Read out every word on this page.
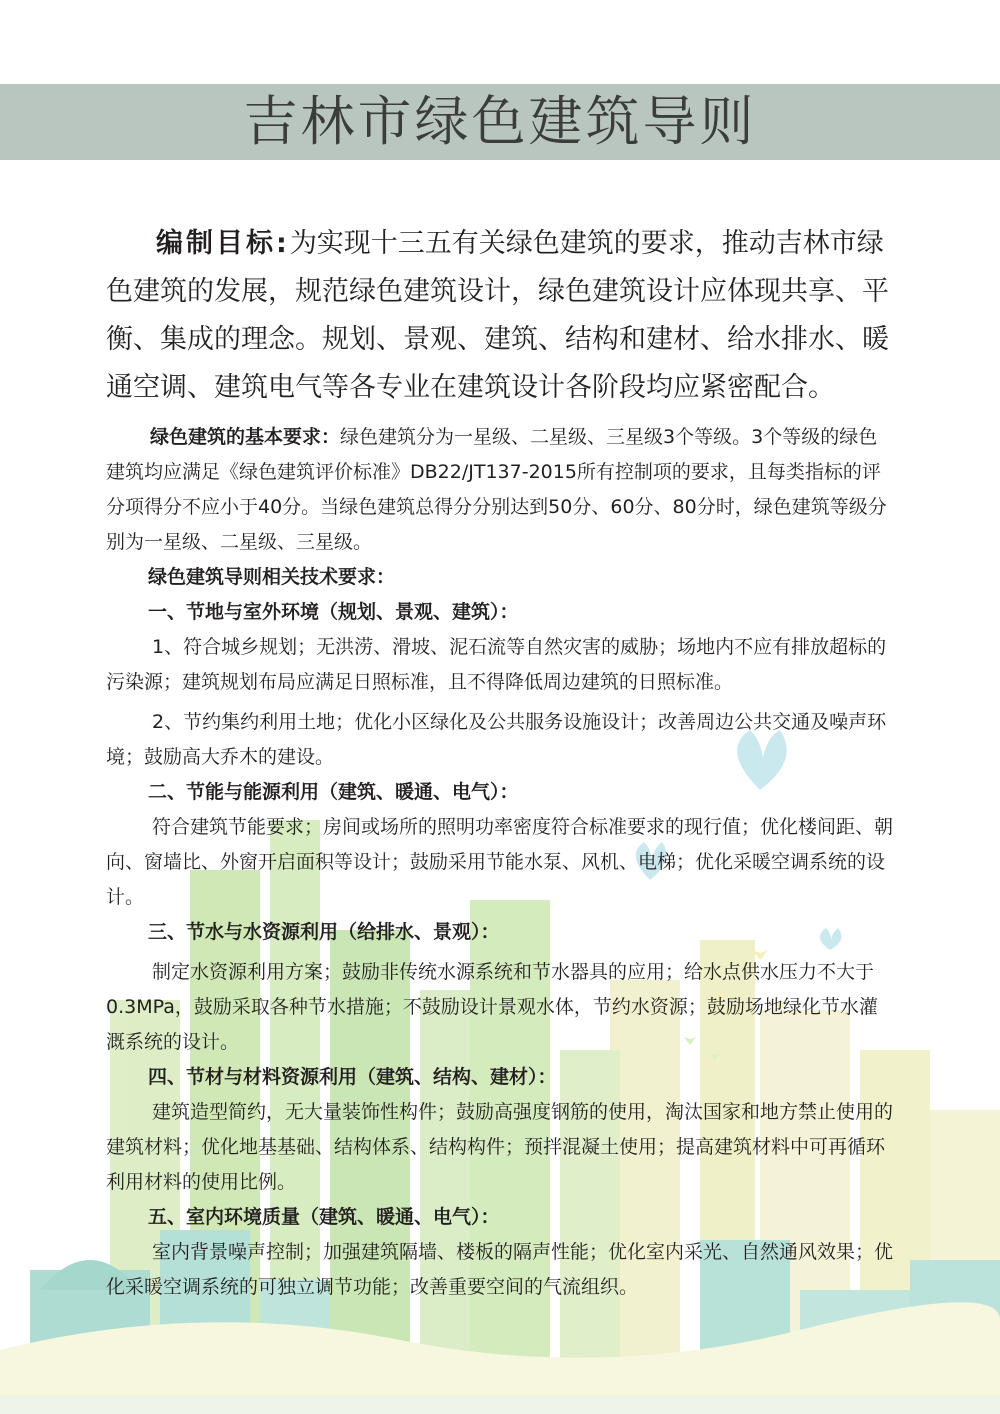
吉林市绿色建筑导则

编制目标:为实现十三五有关绿色建筑的要求，推动吉林市绿色建筑的发展，规范绿色建筑设计，绿色建筑设计应体现共享、平衡、集成的理念。规划、景观、建筑、结构和建材、给水排水、暖通空调、建筑电气等各专业在建筑设计各阶段均应紧密配合。

绿色建筑的基本要求：绿色建筑分为一星级、二星级、三星级3个等级。3个等级的绿色建筑均应满足《绿色建筑评价标准》DB22/JT137-2015所有控制项的要求，且每类指标的评分项得分不应小于40分。当绿色建筑总得分分别达到50分、60分、80分时，绿色建筑等级分别为一星级、二星级、三星级。

绿色建筑导则相关技术要求：

一、节地与室外环境（规划、景观、建筑）：

1、符合城乡规划；无洪涝、滑坡、泥石流等自然灾害的威胁；场地内不应有排放超标的污染源；建筑规划布局应满足日照标准，且不得降低周边建筑的日照标准。

2、节约集约利用土地；优化小区绿化及公共服务设施设计；改善周边公共交通及噪声环境；鼓励高大乔木的建设。

二、节能与能源利用（建筑、暖通、电气）：

符合建筑节能要求；房间或场所的照明功率密度符合标准要求的现行值；优化楼间距、朝向、窗墙比、外窗开启面积等设计；鼓励采用节能水泵、风机、电梯；优化采暖空调系统的设计。

三、节水与水资源利用（给排水、景观）：

制定水资源利用方案；鼓励非传统水源系统和节水器具的应用；给水点供水压力不大于0.3MPa，鼓励采取各种节水措施；不鼓励设计景观水体，节约水资源；鼓励场地绿化节水灌溉系统的设计。

四、节材与材料资源利用（建筑、结构、建材）：

建筑造型简约，无大量装饰性构件；鼓励高强度钢筋的使用，淘汰国家和地方禁止使用的建筑材料；优化地基基础、结构体系、结构构件；预拌混凝土使用；提高建筑材料中可再循环利用材料的使用比例。

五、室内环境质量（建筑、暖通、电气）：

室内背景噪声控制；加强建筑隔墙、楼板的隔声性能；优化室内采光、自然通风效果；优化采暖空调系统的可独立调节功能；改善重要空间的气流组织。
